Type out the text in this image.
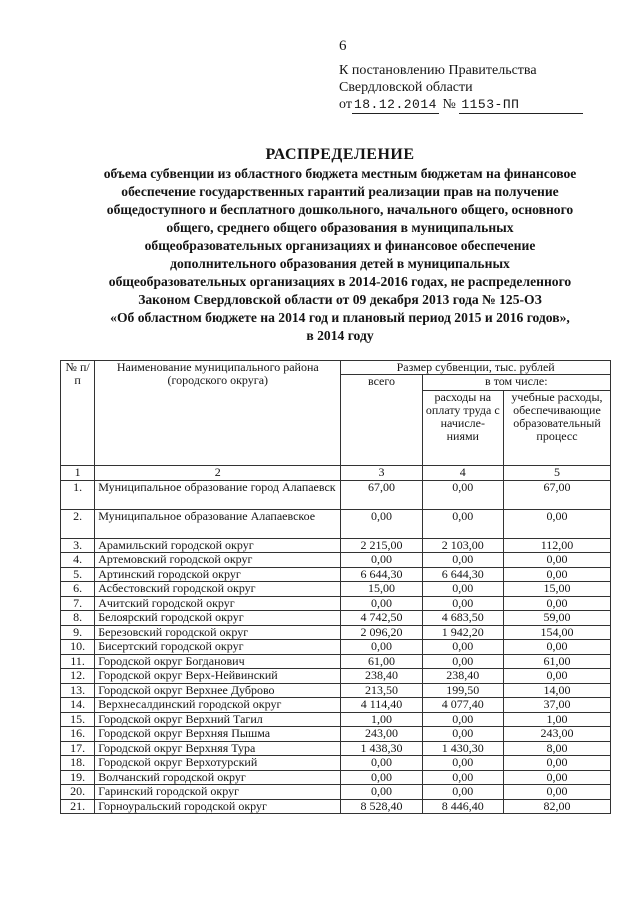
6
К постановлению Правительства
Свердловской области
от 18.12.2014 № 1153-ПП
РАСПРЕДЕЛЕНИЕ
объема субвенции из областного бюджета местным бюджетам на финансовое
обеспечение государственных гарантий реализации прав на получение
общедоступного и бесплатного дошкольного, начального общего, основного
общего, среднего общего образования в муниципальных
общеобразовательных организациях и финансовое обеспечение
дополнительного образования детей в муниципальных
общеобразовательных организациях в 2014-2016 годах, не распределенного
Законом Свердловской области от 09 декабря 2013 года № 125-ОЗ
«Об областном бюджете на 2014 год и плановый период 2015 и 2016 годов»,
в 2014 году
№ п/п	Наименование муниципального района (городского округа)	Размер субвенции, тыс. рублей		
		всего	в том числе:	
			расходы на оплату труда с начисле- ниями	учебные расходы, обеспечивающие образовательный процесс
1	2	3	4	5
1.	Муниципальное образование город Алапаевск	67,00	0,00	67,00
2.	Муниципальное образование Алапаевское	0,00	0,00	0,00
3.	Арамильский городской округ	2 215,00	2 103,00	112,00
4.	Артемовский городской округ	0,00	0,00	0,00
5.	Артинский городской округ	6 644,30	6 644,30	0,00
6.	Асбестовский городской округ	15,00	0,00	15,00
7.	Ачитский городской округ	0,00	0,00	0,00
8.	Белоярский городской округ	4 742,50	4 683,50	59,00
9.	Березовский городской округ	2 096,20	1 942,20	154,00
10.	Бисертский городской округ	0,00	0,00	0,00
11.	Городской округ Богданович	61,00	0,00	61,00
12.	Городской округ Верх-Нейвинский	238,40	238,40	0,00
13.	Городской округ Верхнее Дуброво	213,50	199,50	14,00
14.	Верхнесалдинский городской округ	4 114,40	4 077,40	37,00
15.	Городской округ Верхний Тагил	1,00	0,00	1,00
16.	Городской округ Верхняя Пышма	243,00	0,00	243,00
17.	Городской округ Верхняя Тура	1 438,30	1 430,30	8,00
18.	Городской округ Верхотурский	0,00	0,00	0,00
19.	Волчанский городской округ	0,00	0,00	0,00
20.	Гаринский городской округ	0,00	0,00	0,00
21.	Горноуральский городской округ	8 528,40	8 446,40	82,00
